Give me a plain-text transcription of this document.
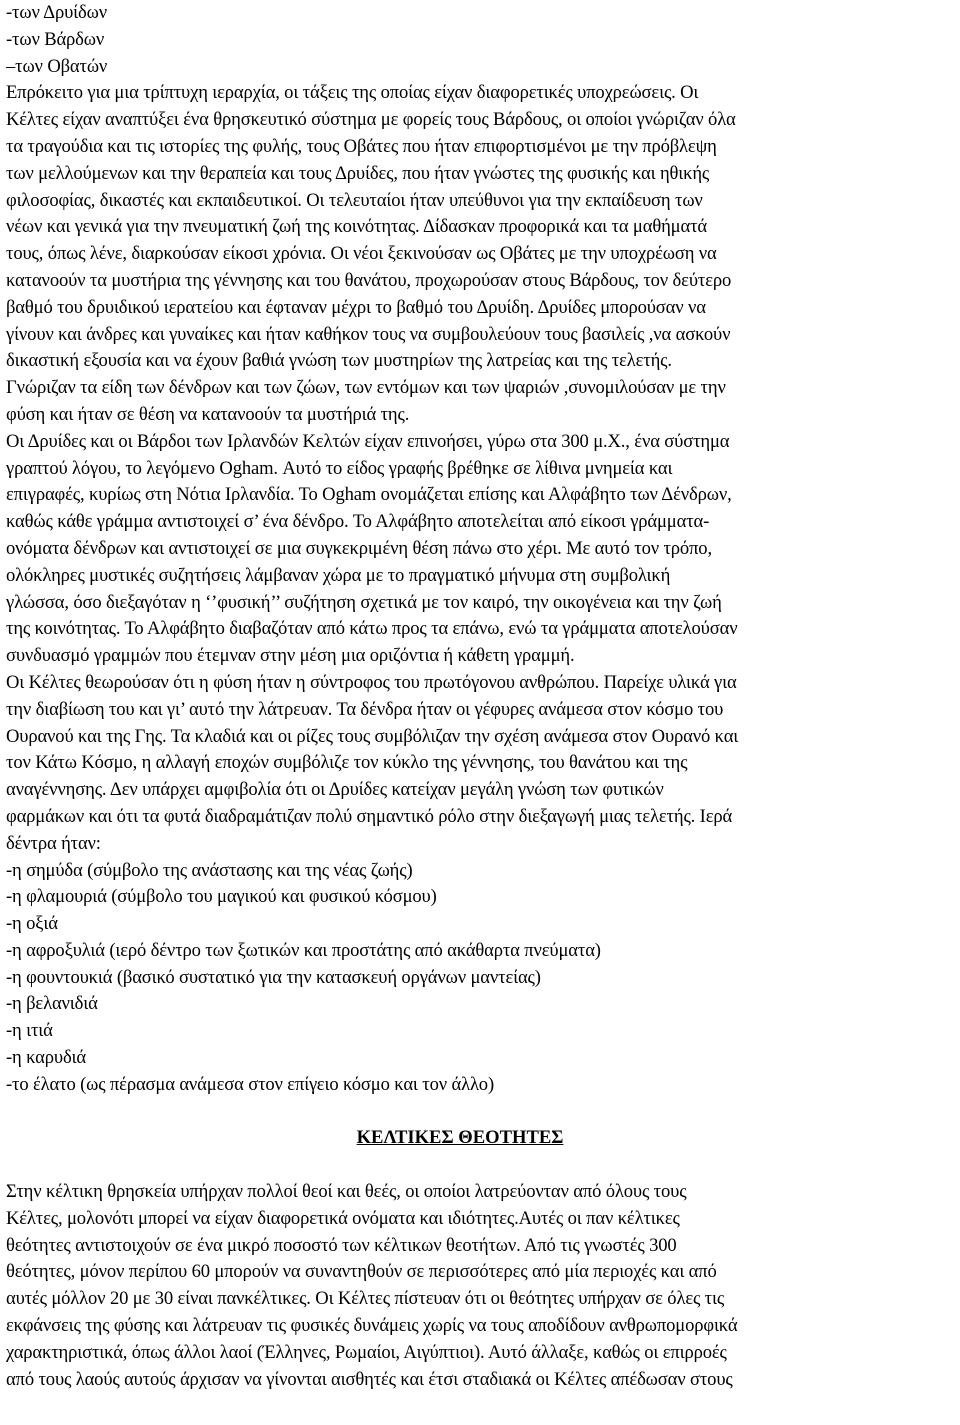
-των Δρυίδων
-των Βάρδων
–των Οβατών
Επρόκειτο για μια τρίπτυχη ιεραρχία, οι τάξεις της οποίας είχαν διαφορετικές υποχρεώσεις. Οι
Κέλτες είχαν αναπτύξει ένα θρησκευτικό σύστημα με φορείς τους Βάρδους, οι οποίοι γνώριζαν όλα
τα τραγούδια και τις ιστορίες της φυλής, τους Οβάτες που ήταν επιφορτισμένοι με την πρόβλεψη
των μελλούμενων και την θεραπεία και τους Δρυίδες, που ήταν γνώστες της φυσικής και ηθικής
φιλοσοφίας, δικαστές και εκπαιδευτικοί. Οι τελευταίοι ήταν υπεύθυνοι για την εκπαίδευση των
νέων και γενικά για την πνευματική ζωή της κοινότητας. Δίδασκαν προφορικά και τα μαθήματά
τους, όπως λένε, διαρκούσαν είκοσι χρόνια. Οι νέοι ξεκινούσαν ως Οβάτες με την υποχρέωση να
κατανοούν τα μυστήρια της γέννησης και του θανάτου, προχωρούσαν στους Βάρδους, τον δεύτερο
βαθμό του δρυιδικού ιερατείου και έφταναν μέχρι το βαθμό του Δρυίδη. Δρυίδες μπορούσαν να
γίνουν και άνδρες και γυναίκες και ήταν καθήκον τους να συμβουλεύουν τους βασιλείς ,να ασκούν
δικαστική εξουσία και να έχουν βαθιά γνώση των μυστηρίων της λατρείας και της τελετής.
Γνώριζαν τα είδη των δένδρων και των ζώων, των εντόμων και των ψαριών ,συνομιλούσαν με την
φύση και ήταν σε θέση να κατανοούν τα μυστήριά της.
Οι Δρυίδες και οι Βάρδοι των Ιρλανδών Κελτών είχαν επινοήσει, γύρω στα 300 μ.Χ., ένα σύστημα
γραπτού λόγου, το λεγόμενο Ogham. Αυτό το είδος γραφής βρέθηκε σε λίθινα μνημεία και
επιγραφές, κυρίως στη Νότια Ιρλανδία. Το Ogham ονομάζεται επίσης και Αλφάβητο των Δένδρων,
καθώς κάθε γράμμα αντιστοιχεί σ’ ένα δένδρο. Το Αλφάβητο αποτελείται από είκοσι γράμματα-
ονόματα δένδρων και αντιστοιχεί σε μια συγκεκριμένη θέση πάνω στο χέρι. Με αυτό τον τρόπο,
ολόκληρες μυστικές συζητήσεις λάμβαναν χώρα με το πραγματικό μήνυμα στη συμβολική
γλώσσα, όσο διεξαγόταν η ‘’φυσική’’ συζήτηση σχετικά με τον καιρό, την οικογένεια και την ζωή
της κοινότητας. Το Αλφάβητο διαβαζόταν από κάτω προς τα επάνω, ενώ τα γράμματα αποτελούσαν
συνδυασμό γραμμών που έτεμναν στην μέση μια οριζόντια ή κάθετη γραμμή.
Οι Κέλτες θεωρούσαν ότι η φύση ήταν η σύντροφος του πρωτόγονου ανθρώπου. Παρείχε υλικά για
την διαβίωση του και γι’ αυτό την λάτρευαν. Τα δένδρα ήταν οι γέφυρες ανάμεσα στον κόσμο του
Ουρανού και της Γης. Τα κλαδιά και οι ρίζες τους συμβόλιζαν την σχέση ανάμεσα στον Ουρανό και
τον Κάτω Κόσμο, η αλλαγή εποχών συμβόλιζε τον κύκλο της γέννησης, του θανάτου και της
αναγέννησης. Δεν υπάρχει αμφιβολία ότι οι Δρυίδες κατείχαν μεγάλη γνώση των φυτικών
φαρμάκων και ότι τα φυτά διαδραμάτιζαν πολύ σημαντικό ρόλο στην διεξαγωγή μιας τελετής. Ιερά
δέντρα ήταν:
-η σημύδα (σύμβολο της ανάστασης και της νέας ζωής)
-η φλαμουριά (σύμβολο του μαγικού και φυσικού κόσμου)
-η οξιά
-η αφροξυλιά (ιερό δέντρο των ξωτικών και προστάτης από ακάθαρτα πνεύματα)
-η φουντουκιά (βασικό συστατικό για την κατασκευή οργάνων μαντείας)
-η βελανιδιά
-η ιτιά
-η καρυδιά
-το έλατο (ως πέρασμα ανάμεσα στον επίγειο κόσμο και τον άλλο)
ΚΕΛΤΙΚΕΣ ΘΕΟΤΗΤΕΣ
Στην κέλτικη θρησκεία υπήρχαν πολλοί θεοί και θεές, οι οποίοι λατρεύονταν από όλους τους
Κέλτες, μολονότι μπορεί να είχαν διαφορετικά ονόματα και ιδιότητες.Αυτές οι παν κέλτικες
θεότητες αντιστοιχούν σε ένα μικρό ποσοστό των κέλτικων θεοτήτων. Από τις γνωστές 300
θεότητες, μόνον περίπου 60 μπορούν να συναντηθούν σε περισσότερες από μία περιοχές και από
αυτές μόλλον 20 με 30 είναι πανκέλτικες. Οι Κέλτες πίστευαν ότι οι θεότητες υπήρχαν σε όλες τις
εκφάνσεις της φύσης και λάτρευαν τις φυσικές δυνάμεις χωρίς να τους αποδίδουν ανθρωπομορφικά
χαρακτηριστικά, όπως άλλοι λαοί (Έλληνες, Ρωμαίοι, Αιγύπτιοι). Αυτό άλλαξε, καθώς οι επιρροές
από τους λαούς αυτούς άρχισαν να γίνονται αισθητές και έτσι σταδιακά οι Κέλτες απέδωσαν στους
